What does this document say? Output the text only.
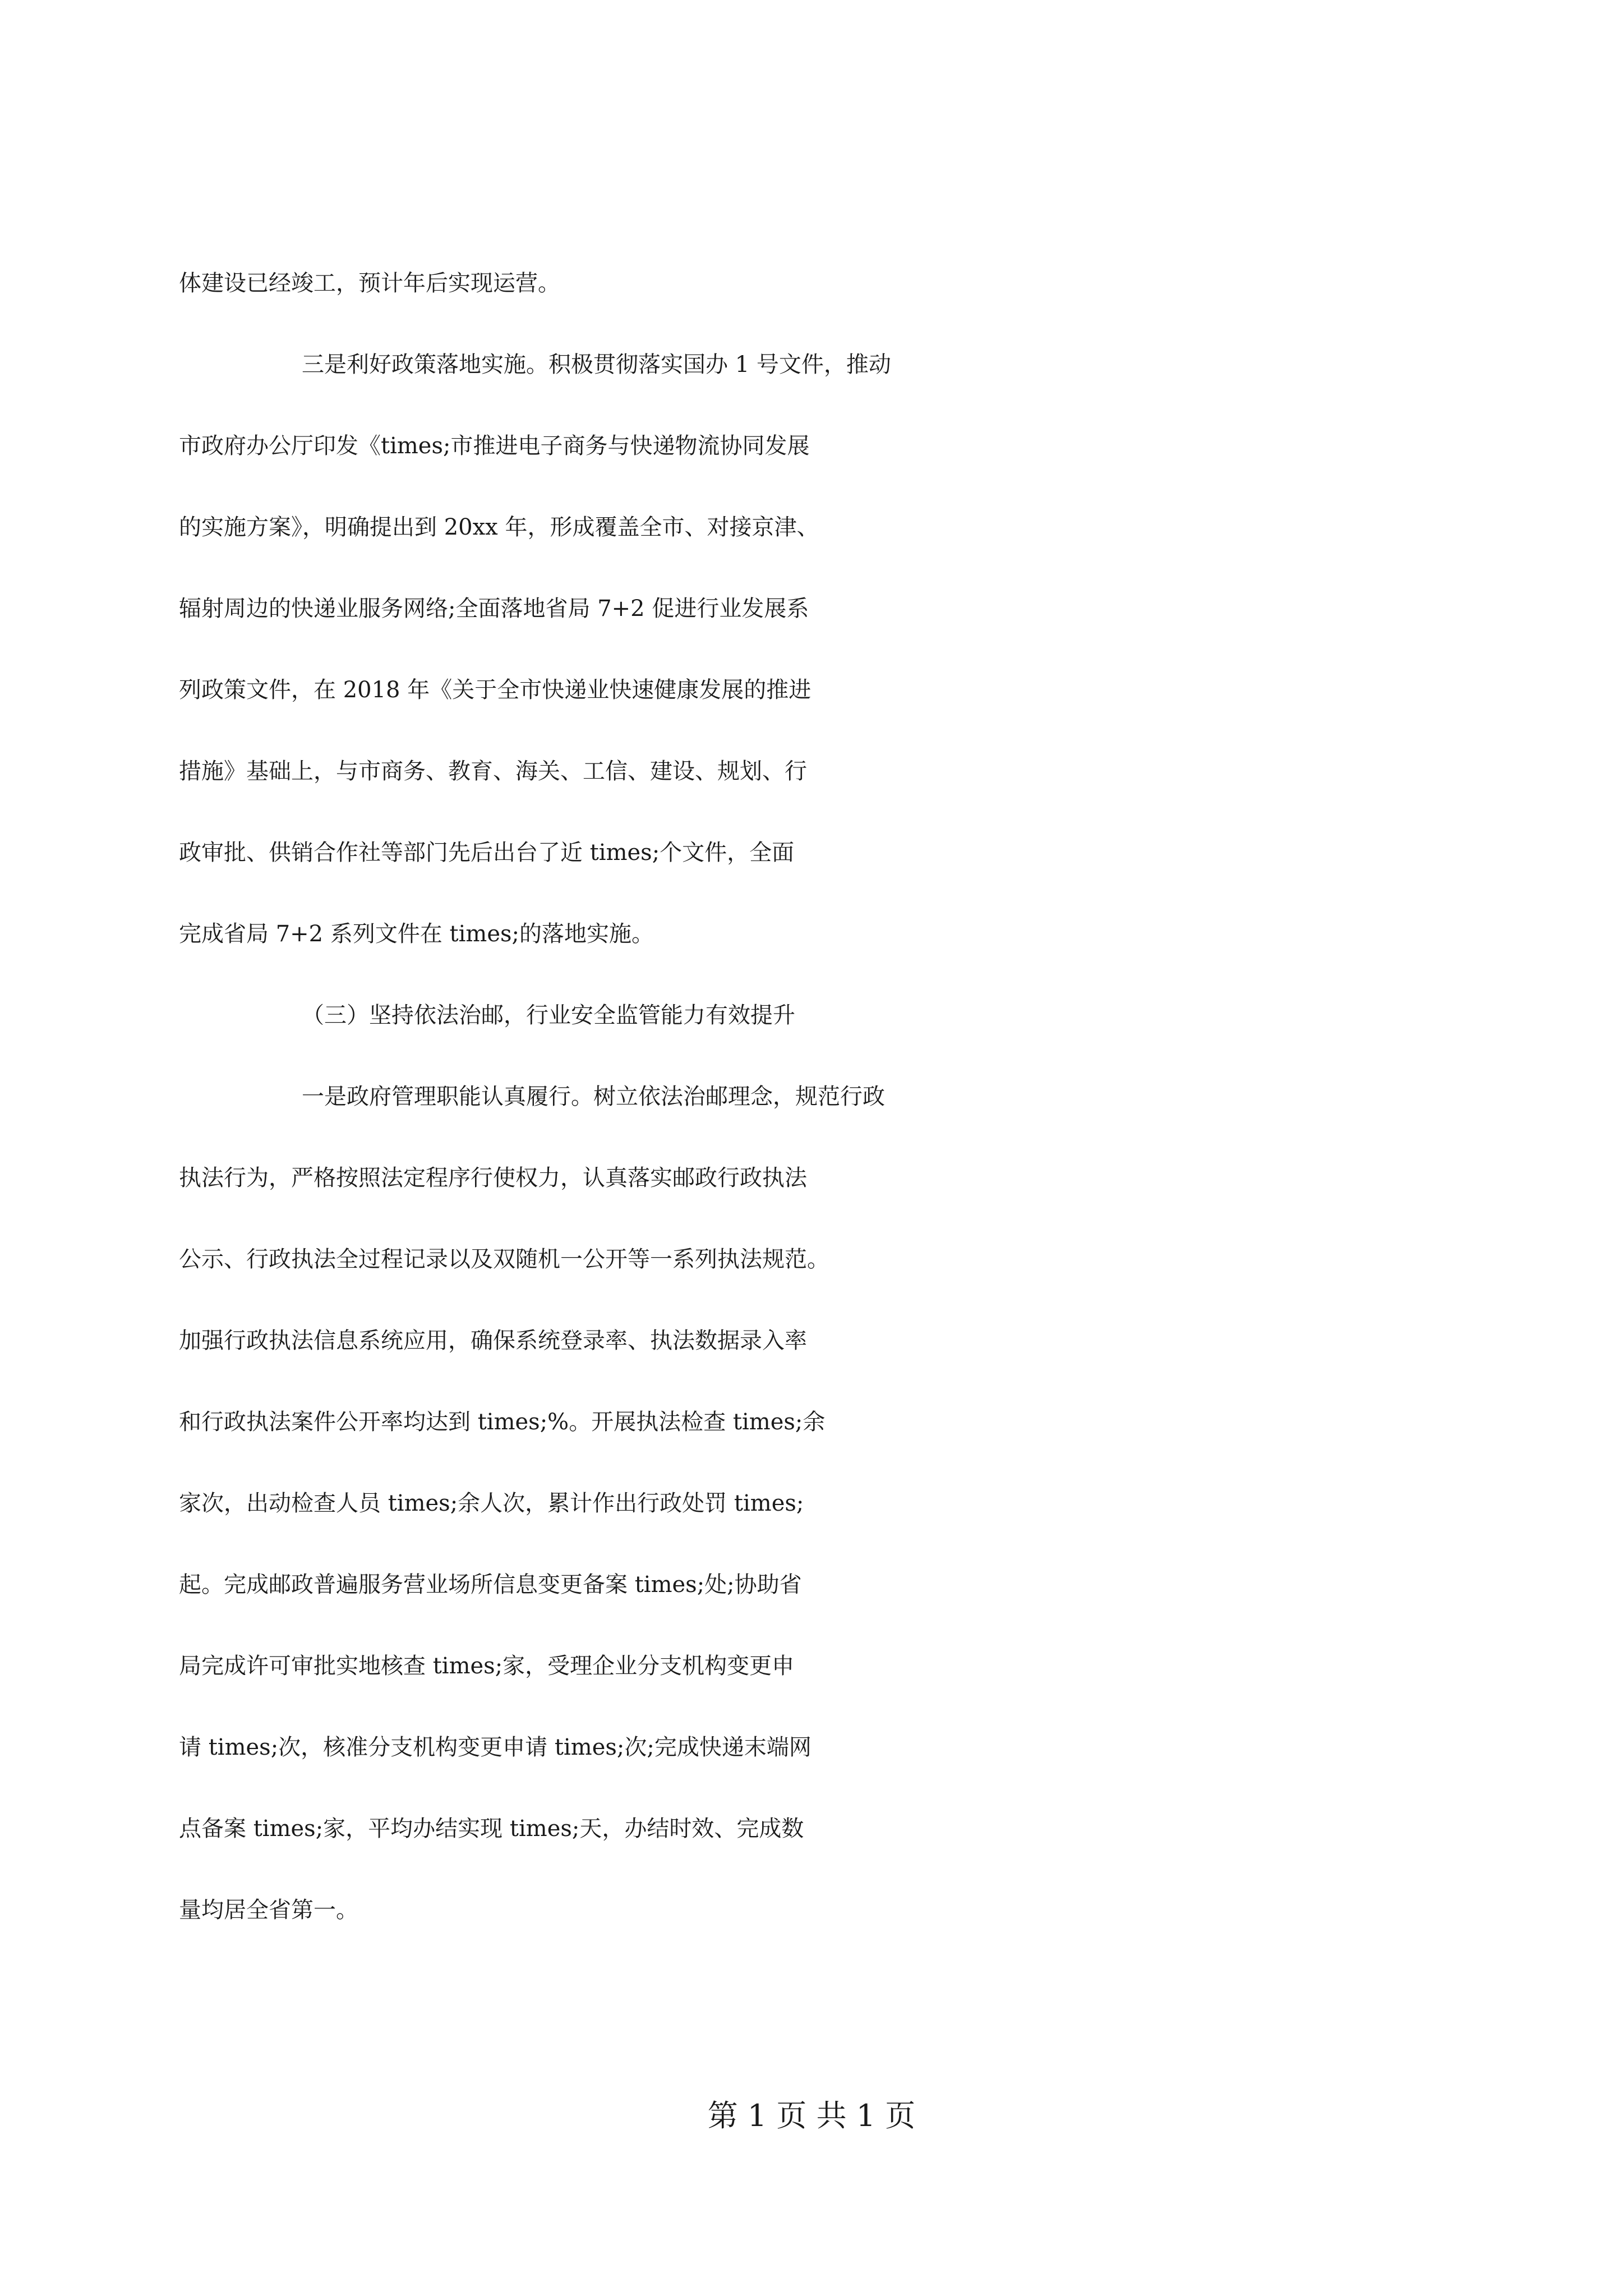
体建设已经竣工，预计年后实现运营。
三是利好政策落地实施。积极贯彻落实国办 1 号文件，推动
市政府办公厅印发《times;市推进电子商务与快递物流协同发展
的实施方案》，明确提出到 20xx 年，形成覆盖全市、对接京津、
辐射周边的快递业服务网络;全面落地省局 7+2 促进行业发展系
列政策文件，在 2018 年《关于全市快递业快速健康发展的推进
措施》基础上，与市商务、教育、海关、工信、建设、规划、行
政审批、供销合作社等部门先后出台了近 times;个文件，全面
完成省局 7+2 系列文件在 times;的落地实施。
（三）坚持依法治邮，行业安全监管能力有效提升
一是政府管理职能认真履行。树立依法治邮理念，规范行政
执法行为，严格按照法定程序行使权力，认真落实邮政行政执法
公示、行政执法全过程记录以及双随机一公开等一系列执法规范。
加强行政执法信息系统应用，确保系统登录率、执法数据录入率
和行政执法案件公开率均达到 times;%。开展执法检查 times;余
家次，出动检查人员 times;余人次，累计作出行政处罚 times;
起。完成邮政普遍服务营业场所信息变更备案 times;处;协助省
局完成许可审批实地核查 times;家，受理企业分支机构变更申
请 times;次，核准分支机构变更申请 times;次;完成快递末端网
点备案 times;家，平均办结实现 times;天，办结时效、完成数
量均居全省第一。
第 1 页 共 1 页
